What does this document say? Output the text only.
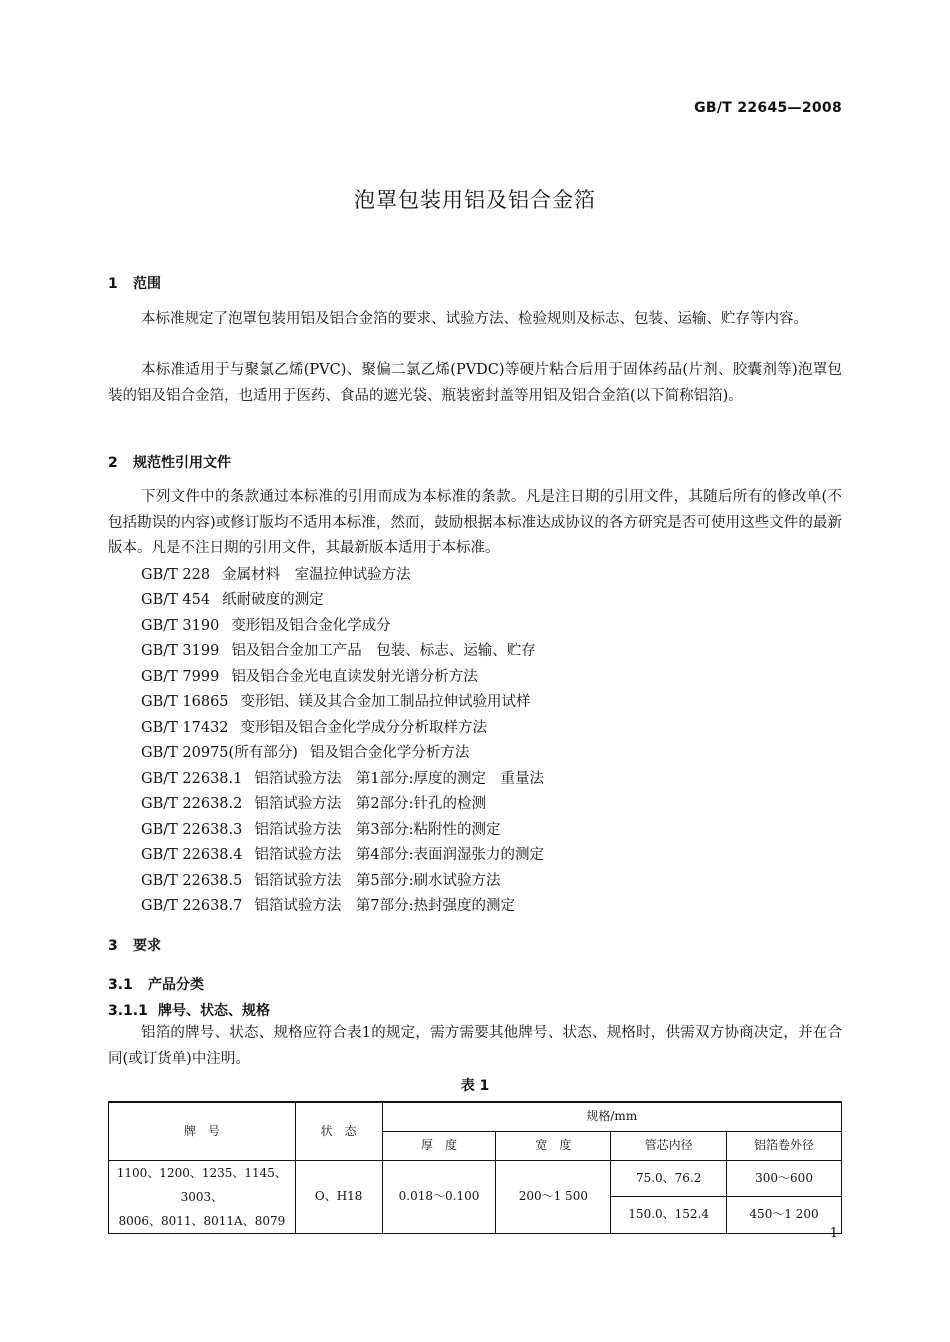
GB/T 22645—2008
泡罩包装用铝及铝合金箔
1 范围

本标准规定了泡罩包装用铝及铝合金箔的要求、试验方法、检验规则及标志、包装、运输、贮存等内容。

本标准适用于与聚氯乙烯(PVC)、聚偏二氯乙烯(PVDC)等硬片粘合后用于固体药品(片剂、胶囊剂等)泡罩包装的铝及铝合金箔，也适用于医药、食品的遮光袋、瓶装密封盖等用铝及铝合金箔(以下简称铝箔)。

2 规范性引用文件

下列文件中的条款通过本标准的引用而成为本标准的条款。凡是注日期的引用文件，其随后所有的修改单(不包括勘误的内容)或修订版均不适用本标准，然而，鼓励根据本标准达成协议的各方研究是否可使用这些文件的最新版本。凡是不注日期的引用文件，其最新版本适用于本标准。

GB/T 228 金属材料　室温拉伸试验方法
GB/T 454 纸耐破度的测定
GB/T 3190 变形铝及铝合金化学成分
GB/T 3199 铝及铝合金加工产品　包装、标志、运输、贮存
GB/T 7999 铝及铝合金光电直读发射光谱分析方法
GB/T 16865 变形铝、镁及其合金加工制品拉伸试验用试样
GB/T 17432 变形铝及铝合金化学成分分析取样方法
GB/T 20975(所有部分) 铝及铝合金化学分析方法
GB/T 22638.1 铝箔试验方法　第1部分:厚度的测定　重量法
GB/T 22638.2 铝箔试验方法　第2部分:针孔的检测
GB/T 22638.3 铝箔试验方法　第3部分:粘附性的测定
GB/T 22638.4 铝箔试验方法　第4部分:表面润湿张力的测定
GB/T 22638.5 铝箔试验方法　第5部分:刷水试验方法
GB/T 22638.7 铝箔试验方法　第7部分:热封强度的测定
3 要求
3.1 产品分类
3.1.1 牌号、状态、规格

铝箔的牌号、状态、规格应符合表1的规定，需方需要其他牌号、状态、规格时，供需双方协商决定，并在合同(或订货单)中注明。

表 1
牌　号	状　态	规格/mm			
		厚　度	宽　度	管芯内径	铝箔卷外径

1100、1200、1235、1145、3003、
8006、8011、8011A、8079	O、H18	0.018～0.100	200～1 500	75.0、76.2	300～600
				150.0、152.4	450～1 200
1
